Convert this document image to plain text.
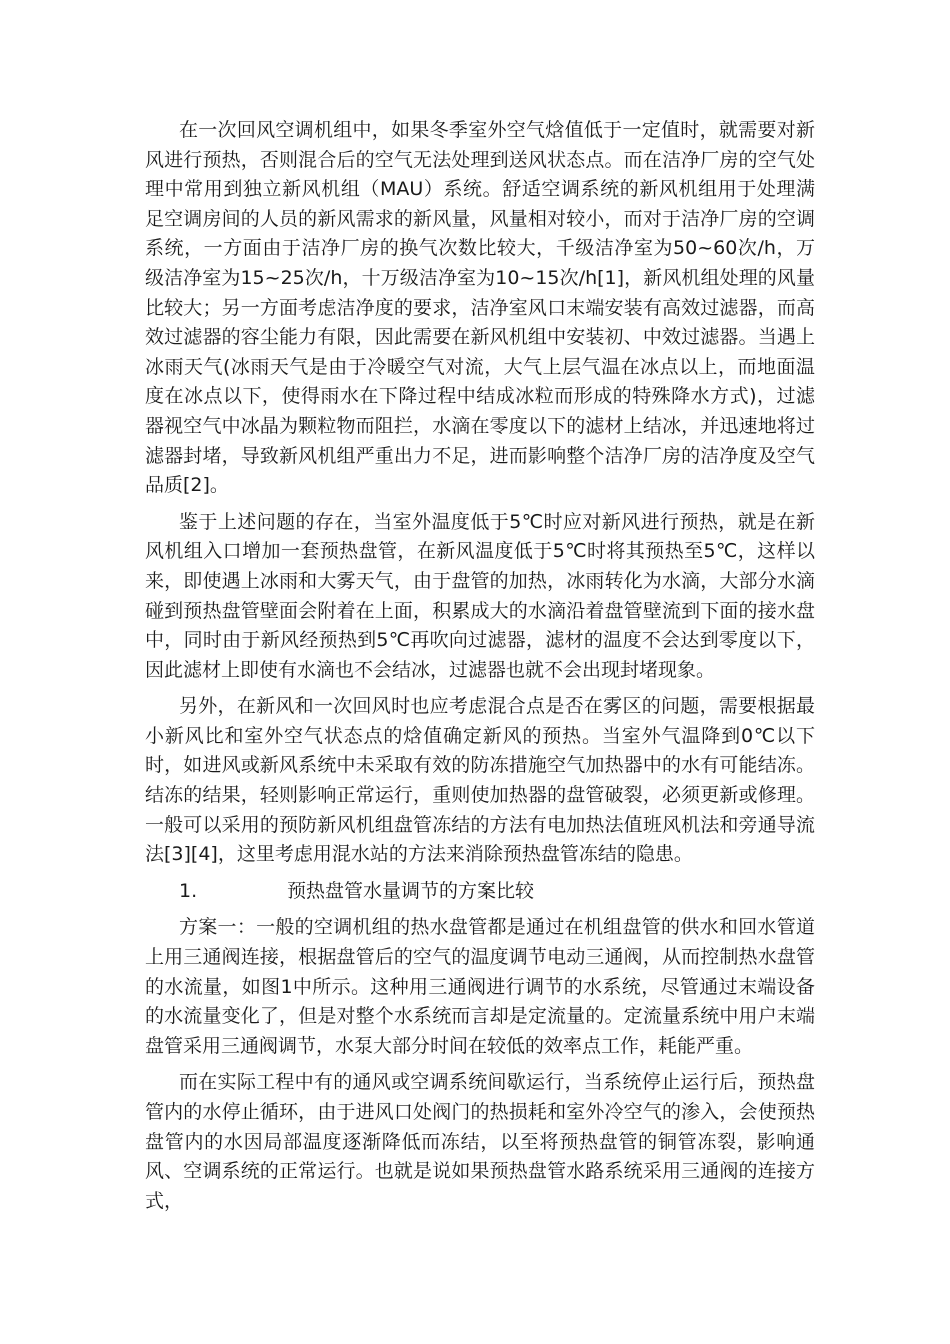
在一次回风空调机组中，如果冬季室外空气焓值低于一定值时，就需要对新风进行预热，否则混合后的空气无法处理到送风状态点。而在洁净厂房的空气处理中常用到独立新风机组（MAU）系统。舒适空调系统的新风机组用于处理满足空调房间的人员的新风需求的新风量，风量相对较小，而对于洁净厂房的空调系统，一方面由于洁净厂房的换气次数比较大，千级洁净室为50~60次/h，万级洁净室为15~25次/h，十万级洁净室为10~15次/h[1]，新风机组处理的风量比较大；另一方面考虑洁净度的要求，洁净室风口末端安装有高效过滤器，而高效过滤器的容尘能力有限，因此需要在新风机组中安装初、中效过滤器。当遇上冰雨天气(冰雨天气是由于冷暖空气对流，大气上层气温在冰点以上，而地面温度在冰点以下，使得雨水在下降过程中结成冰粒而形成的特殊降水方式)，过滤器视空气中冰晶为颗粒物而阻拦，水滴在零度以下的滤材上结冰，并迅速地将过滤器封堵，导致新风机组严重出力不足，进而影响整个洁净厂房的洁净度及空气品质[2]。

鉴于上述问题的存在，当室外温度低于5℃时应对新风进行预热，就是在新风机组入口增加一套预热盘管，在新风温度低于5℃时将其预热至5℃，这样以来，即使遇上冰雨和大雾天气，由于盘管的加热，冰雨转化为水滴，大部分水滴碰到预热盘管壁面会附着在上面，积累成大的水滴沿着盘管壁流到下面的接水盘中，同时由于新风经预热到5℃再吹向过滤器，滤材的温度不会达到零度以下，因此滤材上即使有水滴也不会结冰，过滤器也就不会出现封堵现象。

另外，在新风和一次回风时也应考虑混合点是否在雾区的问题，需要根据最小新风比和室外空气状态点的焓值确定新风的预热。当室外气温降到0℃以下时，如进风或新风系统中未采取有效的防冻措施空气加热器中的水有可能结冻。结冻的结果，轻则影响正常运行，重则使加热器的盘管破裂，必须更新或修理。一般可以采用的预防新风机组盘管冻结的方法有电加热法值班风机法和旁通导流法[3][4]，这里考虑用混水站的方法来消除预热盘管冻结的隐患。

1.	预热盘管水量调节的方案比较

方案一：一般的空调机组的热水盘管都是通过在机组盘管的供水和回水管道上用三通阀连接，根据盘管后的空气的温度调节电动三通阀，从而控制热水盘管的水流量，如图1中所示。这种用三通阀进行调节的水系统，尽管通过末端设备的水流量变化了，但是对整个水系统而言却是定流量的。定流量系统中用户末端盘管采用三通阀调节，水泵大部分时间在较低的效率点工作，耗能严重。

而在实际工程中有的通风或空调系统间歇运行，当系统停止运行后，预热盘管内的水停止循环，由于进风口处阀门的热损耗和室外冷空气的渗入，会使预热盘管内的水因局部温度逐渐降低而冻结，以至将预热盘管的铜管冻裂，影响通风、空调系统的正常运行。也就是说如果预热盘管水路系统采用三通阀的连接方式，
